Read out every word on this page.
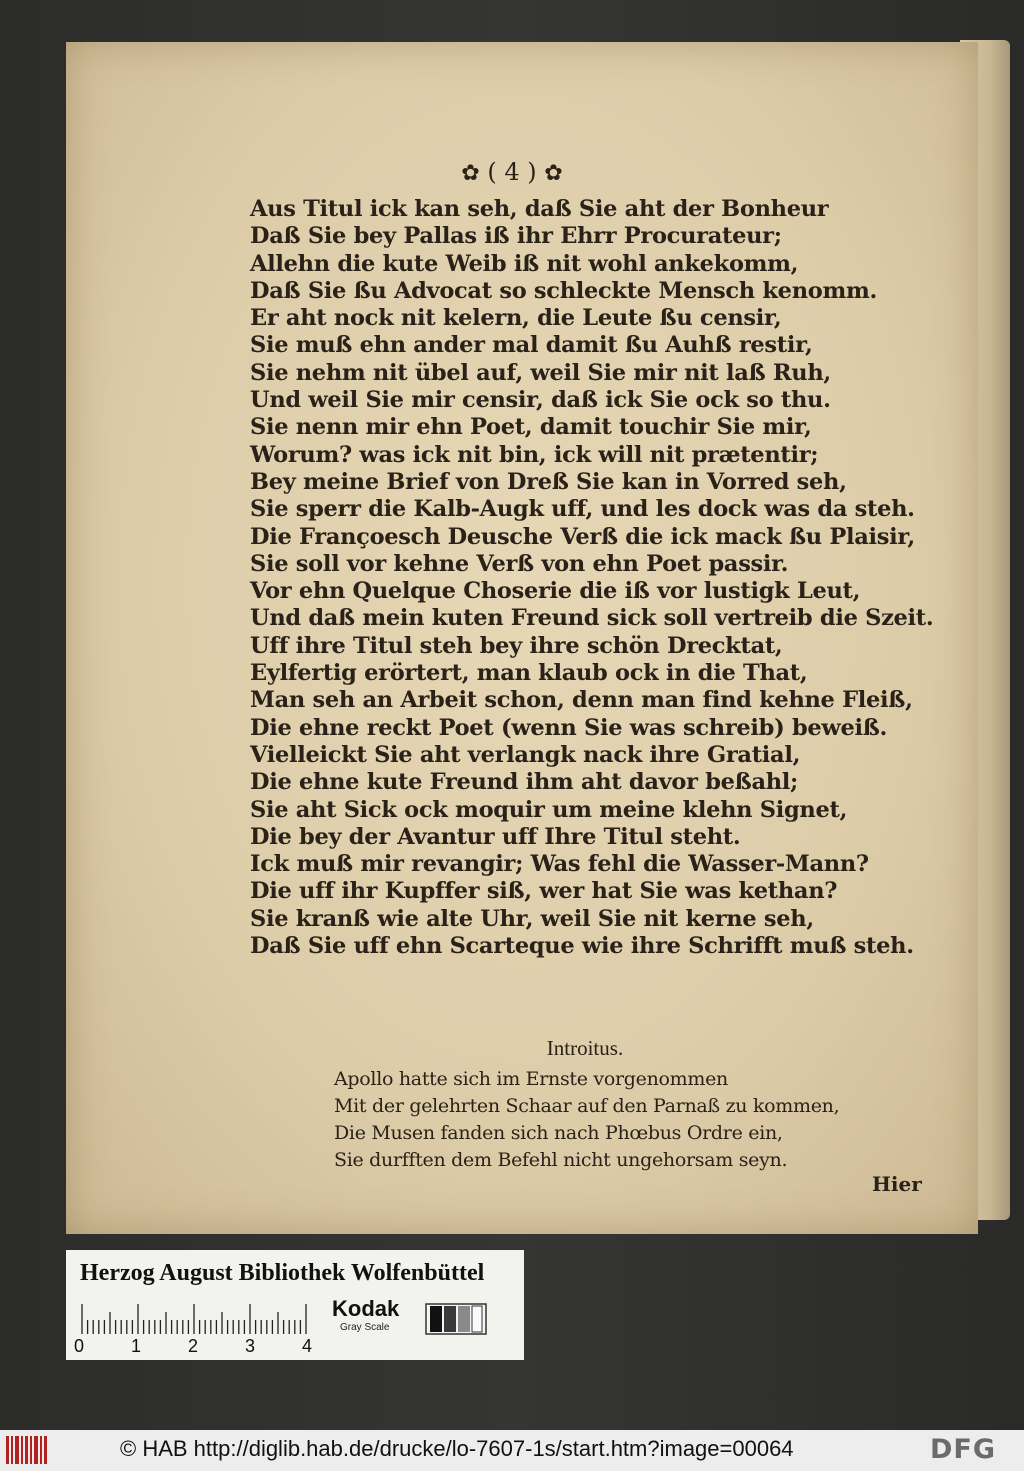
✿ ( 4 ) ✿
Aus Titul ick kan seh, daß Sie aht der Bonheur
Daß Sie bey Pallas iß ihr Ehrr Procurateur;
Allehn die kute Weib iß nit wohl ankekomm,
Daß Sie ßu Advocat so schleckte Mensch kenomm.
Er aht nock nit kelern, die Leute ßu censir,
Sie muß ehn ander mal damit ßu Auhß restir,
Sie nehm nit übel auf, weil Sie mir nit laß Ruh,
Und weil Sie mir censir, daß ick Sie ock so thu.
Sie nenn mir ehn Poet, damit touchir Sie mir,
Worum? was ick nit bin, ick will nit prætentir;
Bey meine Brief von Dreß Sie kan in Vorred seh,
Sie sperr die Kalb-Augk uff, und les dock was da steh.
Die Françoesch Deusche Verß die ick mack ßu Plaisir,
Sie soll vor kehne Verß von ehn Poet passir.
Vor ehn Quelque Choserie die iß vor lustigk Leut,
Und daß mein kuten Freund sick soll vertreib die Szeit.
Uff ihre Titul steh bey ihre schön Drecktat,
Eylfertig erörtert, man klaub ock in die That,
Man seh an Arbeit schon, denn man find kehne Fleiß,
Die ehne reckt Poet (wenn Sie was schreib) beweiß.
Vielleickt Sie aht verlangk nack ihre Gratial,
Die ehne kute Freund ihm aht davor beßahl;
Sie aht Sick ock moquir um meine klehn Signet,
Die bey der Avantur uff Ihre Titul steht.
Ick muß mir revangir; Was fehl die Wasser-Mann?
Die uff ihr Kupffer siß, wer hat Sie was kethan?
Sie kranß wie alte Uhr, weil Sie nit kerne seh,
Daß Sie uff ehn Scarteque wie ihre Schrifft muß steh.
Introitus.
Apollo hatte sich im Ernste vorgenommen
Mit der gelehrten Schaar auf den Parnaß zu kommen,
Die Musen fanden sich nach Phœbus Ordre ein,
Sie durfften dem Befehl nicht ungehorsam seyn.
Hier
Herzog August Bibliothek Wolfenbüttel
0	1	2	3	4
Kodak
Gray Scale
© HAB http://diglib.hab.de/drucke/lo-7607-1s/start.htm?image=00064	DFG
